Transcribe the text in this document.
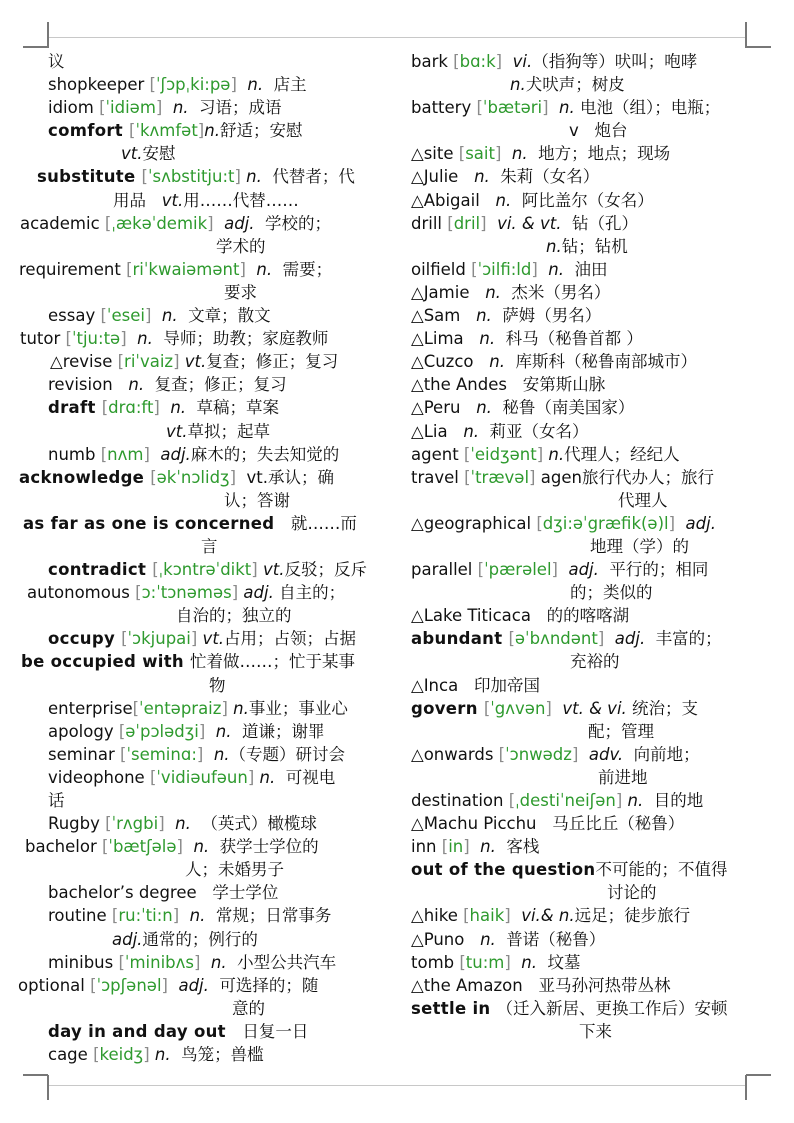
议
shopkeeper [ˈʃɔpˌki:pə]  n.  店主
idiom [ˈidiəm]  n.  习语；成语
comfort [ˈkʌmfət]n.舒适；安慰
vt.安慰
substitute [ˈsʌbstitju:t] n.  代替者；代
用品   vt.用……代替……
academic [ˌækəˈdemik]  adj.  学校的；
学术的
requirement [riˈkwaiəmənt]  n.  需要；
要求
essay [ˈesei]  n.  文章；散文
tutor [ˈtju:tə]  n.  导师；助教；家庭教师
△revise [riˈvaiz] vt.复查；修正；复习
revision   n.  复查；修正；复习
draft [drɑ:ft]  n.  草稿；草案
vt.草拟；起草
numb [nʌm]  adj.麻木的；失去知觉的
acknowledge [əkˈnɔlidʒ]  vt.承认；确
认；答谢
as far as one is concerned   就……而
言
contradict [ˌkɔntrəˈdikt] vt.反驳；反斥
autonomous [ɔ:ˈtɔnəməs] adj. 自主的；
自治的；独立的
occupy [ˈɔkjupai] vt.占用；占领；占据
be occupied with 忙着做……；忙于某事
物
enterprise[ˈentəpraiz] n.事业；事业心
apology [əˈpɔlədʒi]  n.  道谦；谢罪
seminar [ˈseminɑ:]  n.（专题）研讨会
videophone [ˈvidiəufəun] n.  可视电
话
Rugby [ˈrʌgbi]  n.  （英式）橄榄球
bachelor [ˈbætʃələ]  n.  获学士学位的
人；未婚男子
bachelor’s degree   学士学位
routine [ru:ˈti:n]  n.  常规；日常事务
adj.通常的；例行的
minibus [ˈminibʌs]  n.  小型公共汽车
optional [ˈɔpʃənəl]  adj.  可选择的；随
意的
day in and day out   日复一日
cage [keidʒ] n.  鸟笼；兽槛
bark [bɑ:k]  vi.（指狗等）吠叫；咆哮
n.犬吠声；树皮
battery [ˈbætəri]  n. 电池（组）；电瓶；
v   炮台
△site [sait]  n.  地方；地点；现场
△Julie   n.  朱莉（女名）
△Abigail   n.  阿比盖尔（女名）
drill [dril]  vi. & vt.  钻（孔）
n.钻；钻机
oilfield [ˈɔilfi:ld]  n.  油田
△Jamie   n.  杰米（男名）
△Sam   n.  萨姆（男名）
△Lima   n.  科马（秘鲁首都 ）
△Cuzco   n.  库斯科（秘鲁南部城市）
△the Andes   安第斯山脉
△Peru   n.  秘鲁（南美国家）
△Lia   n.  莉亚（女名）
agent [ˈeidʒənt] n.代理人；经纪人
travel [ˈtrævəl] agen旅行代办人；旅行
代理人
△geographical [dʒi:əˈgræfik(ə)l]  adj.
地理（学）的
parallel [ˈpærəlel]  adj.  平行的；相同
的；类似的
△Lake Titicaca   的的喀喀湖
abundant [əˈbʌndənt]  adj.  丰富的；
充裕的
△Inca   印加帝国
govern [ˈgʌvən]  vt. & vi. 统治；支
配；管理
△onwards [ˈɔnwədz]  adv.  向前地；
前进地
destination [ˌdestiˈneiʃən] n.  目的地
△Machu Picchu   马丘比丘（秘鲁）
inn [in]  n.  客栈
out of the question不可能的；不值得
讨论的
△hike [haik]  vi.& n.远足；徒步旅行
△Puno   n.  普诺（秘鲁）
tomb [tu:m]  n.  坟墓
△the Amazon   亚马孙河热带丛林
settle in （迁入新居、更换工作后）安顿
下来
